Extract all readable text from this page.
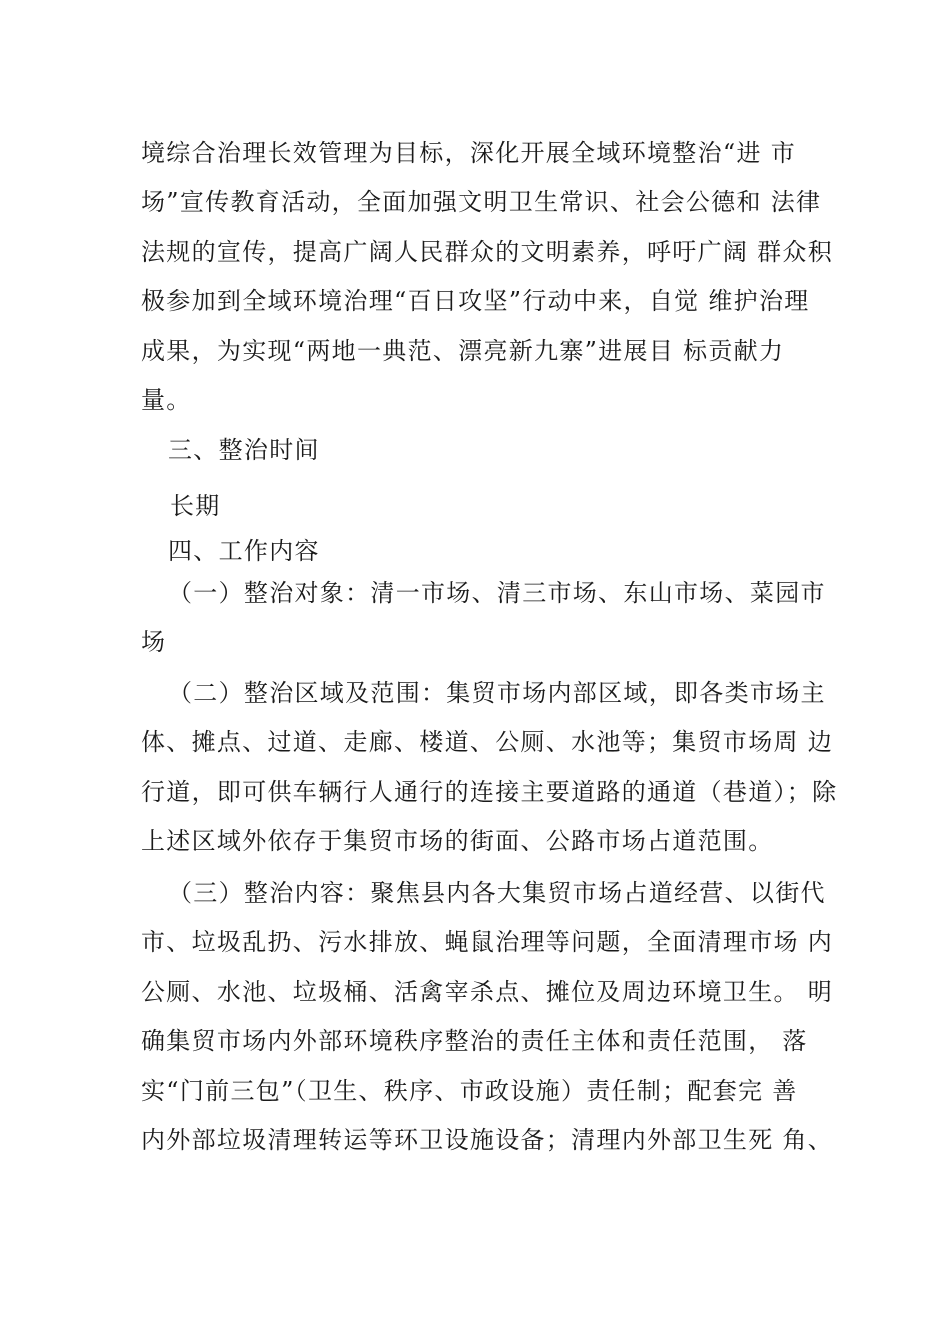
境综合治理长效管理为目标，深化开展全域环境整治“进 市

场”宣传教育活动，全面加强文明卫生常识、社会公德和 法律

法规的宣传，提高广阔人民群众的文明素养，呼吁广阔 群众积

极参加到全域环境治理“百日攻坚”行动中来，自觉 维护治理

成果，为实现“两地一典范、漂亮新九寨”进展目 标贡献力

量。

三、整治时间

长期

四、工作内容

（一）整治对象：清一市场、清三市场、东山市场、菜园市

场

（二）整治区域及范围：集贸市场内部区域，即各类市场主

体、摊点、过道、走廊、楼道、公厕、水池等；集贸市场周 边

行道，即可供车辆行人通行的连接主要道路的通道（巷道）；除

上述区域外依存于集贸市场的街面、公路市场占道范围。

（三）整治内容：聚焦县内各大集贸市场占道经营、以街代

市、垃圾乱扔、污水排放、蝇鼠治理等问题，全面清理市场 内

公厕、水池、垃圾桶、活禽宰杀点、摊位及周边环境卫生。 明

确集贸市场内外部环境秩序整治的责任主体和责任范围， 落

实“门前三包”（卫生、秩序、市政设施）责任制；配套完 善

内外部垃圾清理转运等环卫设施设备；清理内外部卫生死 角、
